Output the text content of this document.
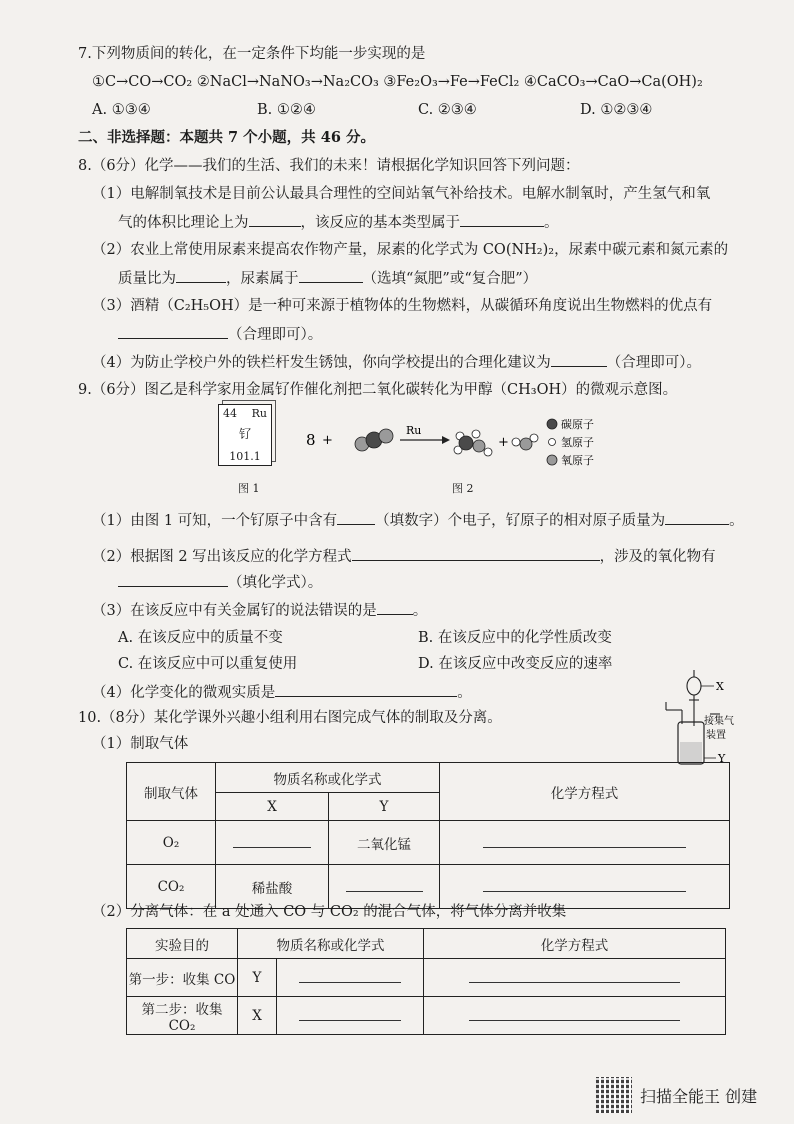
7.下列物质间的转化，在一定条件下均能一步实现的是
①C→CO→CO₂ ②NaCl→NaNO₃→Na₂CO₃ ③Fe₂O₃→Fe→FeCl₂ ④CaCO₃→CaO→Ca(OH)₂
A. ①③④	B. ①②④	C. ②③④	D. ①②③④
二、非选择题：本题共 7 个小题，共 46 分。
8.（6分）化学——我们的生活、我们的未来！请根据化学知识回答下列问题：
（1）电解制氧技术是目前公认最具合理性的空间站氧气补给技术。电解水制氧时，产生氢气和氧
气的体积比理论上为	，该反应的基本类型属于	。
（2）农业上常使用尿素来提高农作物产量，尿素的化学式为 CO(NH₂)₂，尿素中碳元素和氮元素的
质量比为	，尿素属于	（选填“氮肥”或“复合肥”）
（3）酒精（C₂H₅OH）是一种可来源于植物体的生物燃料，从碳循环角度说出生物燃料的优点有
（合理即可）。
（4）为防止学校户外的铁栏杆发生锈蚀，你向学校提出的合理化建议为	（合理即可）。
9.（6分）图乙是科学家用金属钌作催化剂把二氧化碳转化为甲醇（CH₃OH）的微观示意图。
44 Ru
钌
101.1
图 1
8 +
Ru
+
碳原子
氢原子
氧原子
图 2
（1）由图 1 可知，一个钌原子中含有	（填数字）个电子，钌原子的相对原子质量为	。
（2）根据图 2 写出该反应的化学方程式	，涉及的氧化物有
（填化学式）。
（3）在该反应中有关金属钌的说法错误的是 。
A. 在该反应中的质量不变	B. 在该反应中的化学性质改变
C. 在该反应中可以重复使用	D. 在该反应中改变反应的速率
（4）化学变化的微观实质是	。
10.（8分）某化学课外兴趣小组利用右图完成气体的制取及分离。
（1）制取气体
X
接集气装置
Y
制取气体	物质名称或化学式		化学方程式
	X	Y	
O₂		二氧化锰	
CO₂	稀盐酸		
（2）分离气体：在 a 处通入 CO 与 CO₂ 的混合气体，将气体分离并收集
实验目的	物质名称或化学式		化学方程式
第一步：收集 CO	Y		
第二步：收集 CO₂	X		
扫描全能王 创建
